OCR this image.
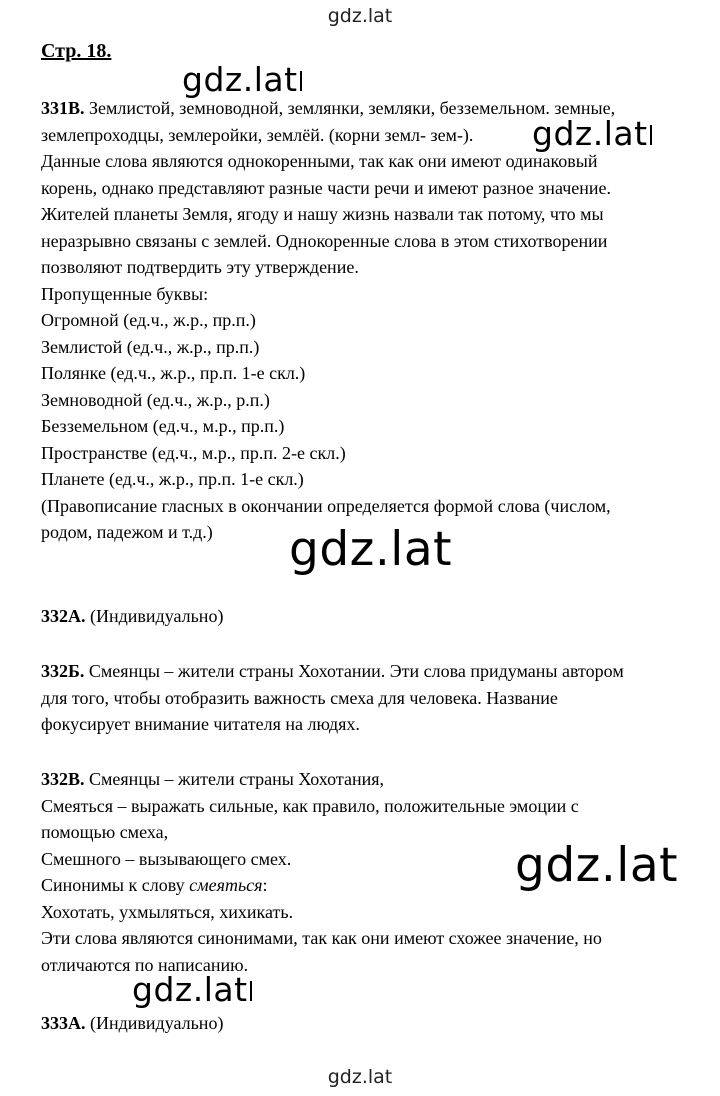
gdz.lat
Стр. 18.
331В. Землистой, земноводной, землянки, земляки, безземельном. земные,
землепроходцы, землеройки, землёй. (корни земл- зем-).
Данные слова являются однокоренными, так как они имеют одинаковый
корень, однако представляют разные части речи и имеют разное значение.
Жителей планеты Земля, ягоду и нашу жизнь назвали так потому, что мы
неразрывно связаны с землей. Однокоренные слова в этом стихотворении
позволяют подтвердить эту утверждение.
Пропущенные буквы:
Огромной (ед.ч., ж.р., пр.п.)
Землистой (ед.ч., ж.р., пр.п.)
Полянке (ед.ч., ж.р., пр.п. 1-е скл.)
Земноводной (ед.ч., ж.р., р.п.)
Безземельном (ед.ч., м.р., пр.п.)
Пространстве (ед.ч., м.р., пр.п. 2-е скл.)
Планете (ед.ч., ж.р., пр.п. 1-е скл.)
(Правописание гласных в окончании определяется формой слова (числом,
родом, падежом и т.д.)
332А. (Индивидуально)
332Б. Смеянцы – жители страны Хохотании. Эти слова придуманы автором
для того, чтобы отобразить важность смеха для человека. Название
фокусирует внимание читателя на людях.
332В. Смеянцы – жители страны Хохотания,
Смеяться – выражать сильные, как правило, положительные эмоции с
помощью смеха,
Смешного – вызывающего смех.
Синонимы к слову смеяться:
Хохотать, ухмыляться, хихикать.
Эти слова являются синонимами, так как они имеют схожее значение, но
отличаются по написанию.
333А. (Индивидуально)
gdz.lat
gdz.lat
gdz.lat
gdz.lat
gdz.lat
gdz.lat
